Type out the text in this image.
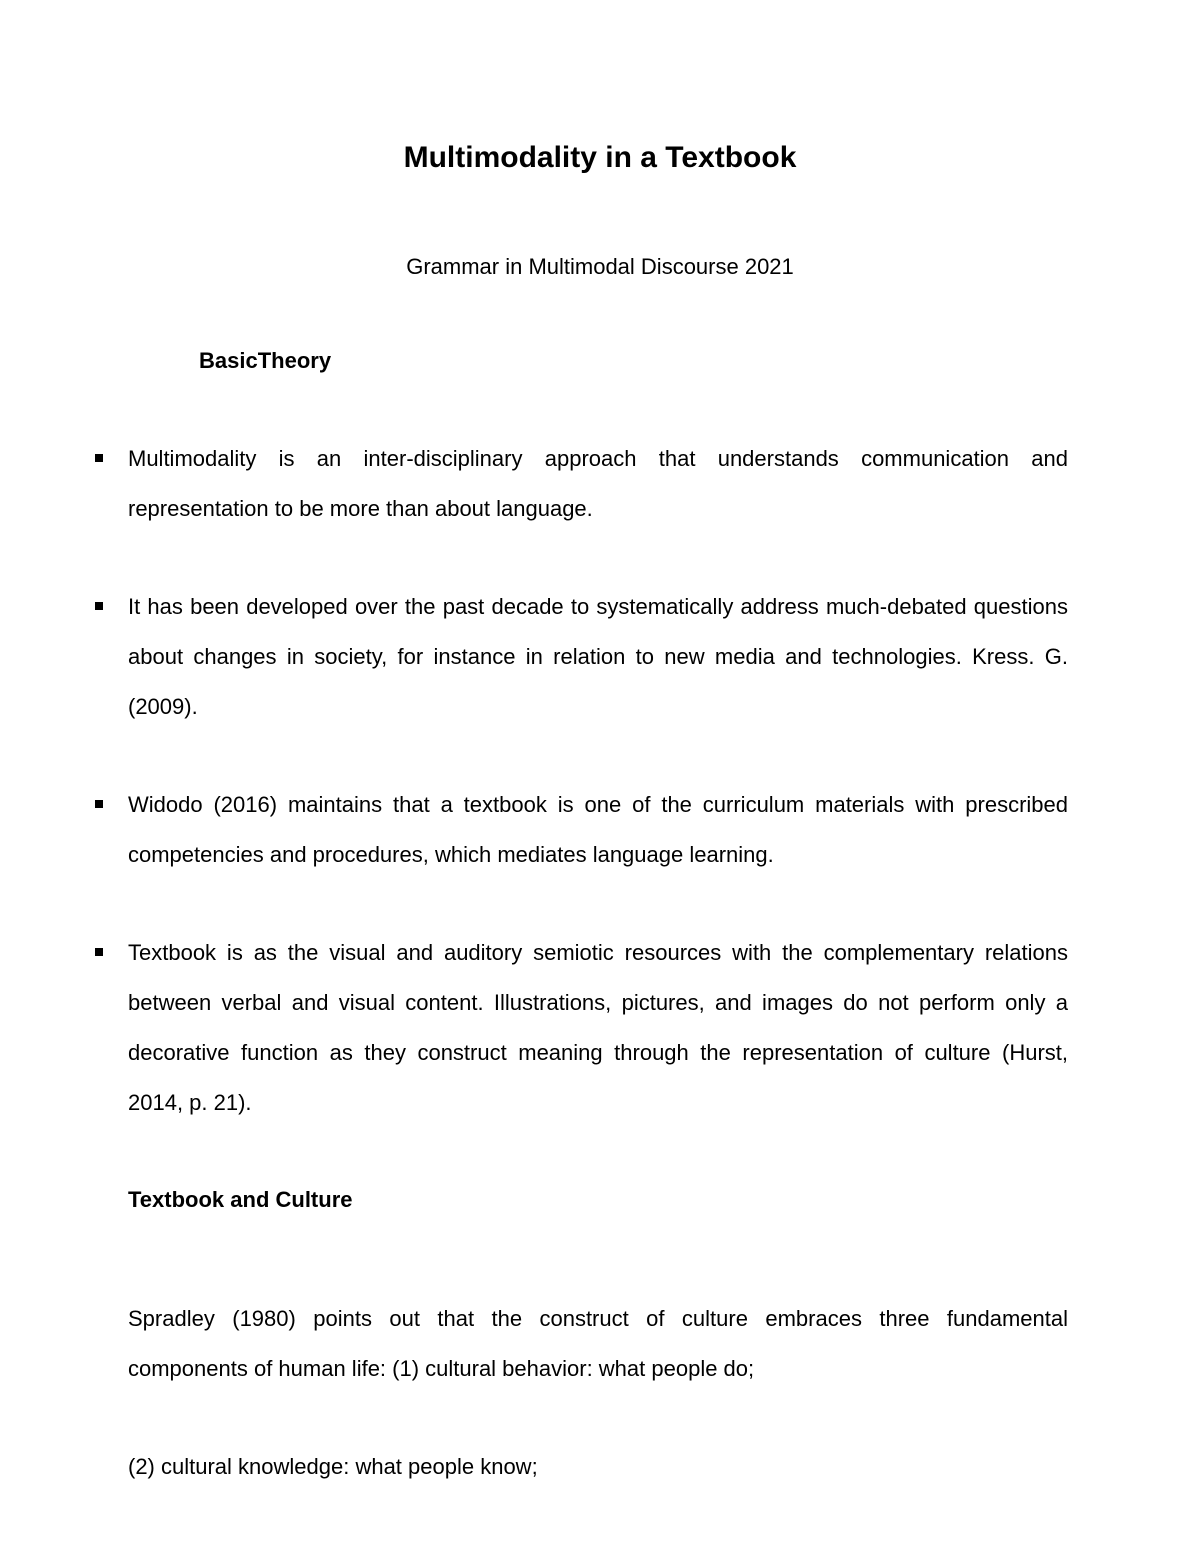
Multimodality in a Textbook
Grammar in Multimodal Discourse 2021
BasicTheory
Multimodality is an inter-disciplinary approach that understands communication and representation to be more than about language.
It has been developed over the past decade to systematically address much-debated questions about changes in society, for instance in relation to new media and technologies. Kress. G. (2009).
Widodo (2016) maintains that a textbook is one of the curriculum materials with prescribed competencies and procedures, which mediates language learning.
Textbook is as the visual and auditory semiotic resources with the complementary relations between verbal and visual content. Illustrations, pictures, and images do not perform only a decorative function as they construct meaning through the representation of culture (Hurst, 2014, p. 21).
Textbook and Culture

Spradley (1980) points out that the construct of culture embraces three fundamental components of human life: (1) cultural behavior: what people do;

(2) cultural knowledge: what people know;
